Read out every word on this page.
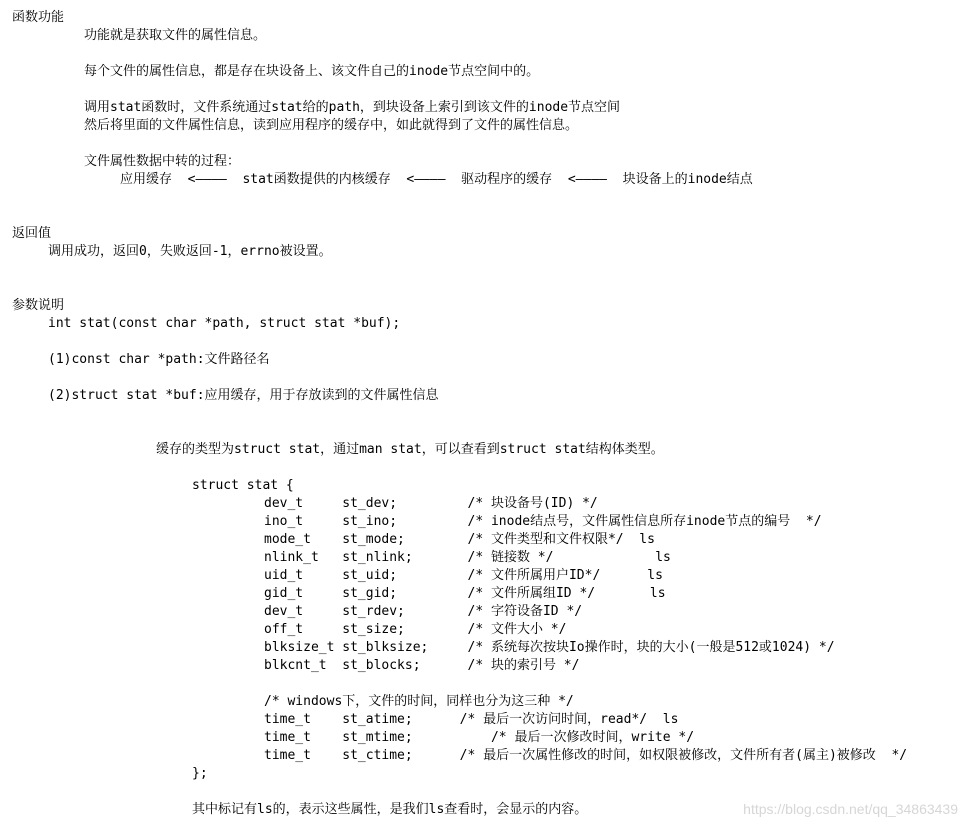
函数功能
功能就是获取文件的属性信息。
每个文件的属性信息，都是存在块设备上、该文件自己的inode节点空间中的。
调用stat函数时，文件系统通过stat给的path，到块设备上索引到该文件的inode节点空间
然后将里面的文件属性信息，读到应用程序的缓存中，如此就得到了文件的属性信息。
文件属性数据中转的过程：
应用缓存  <————  stat函数提供的内核缓存  <————  驱动程序的缓存  <————  块设备上的inode结点
返回值
调用成功，返回0，失败返回-1，errno被设置。
参数说明
int stat(const char *path, struct stat *buf);
(1)const char *path:文件路径名
(2)struct stat *buf:应用缓存，用于存放读到的文件属性信息
缓存的类型为struct stat，通过man stat，可以查看到struct stat结构体类型。
struct stat {
dev_t     st_dev;         /* 块设备号(ID) */
ino_t     st_ino;         /* inode结点号，文件属性信息所存inode节点的编号  */
mode_t    st_mode;        /* 文件类型和文件权限*/  ls
nlink_t   st_nlink;       /* 链接数 */             ls
uid_t     st_uid;         /* 文件所属用户ID*/      ls
gid_t     st_gid;         /* 文件所属组ID */       ls
dev_t     st_rdev;        /* 字符设备ID */
off_t     st_size;        /* 文件大小 */
blksize_t st_blksize;     /* 系统每次按块Io操作时，块的大小(一般是512或1024) */
blkcnt_t  st_blocks;      /* 块的索引号 */
/* windows下，文件的时间，同样也分为这三种 */
time_t    st_atime;      /* 最后一次访问时间，read*/  ls
time_t    st_mtime;          /* 最后一次修改时间，write */
time_t    st_ctime;      /* 最后一次属性修改的时间，如权限被修改，文件所有者(属主)被修改  */
};
其中标记有ls的，表示这些属性，是我们ls查看时，会显示的内容。	https://blog.csdn.net/qq_34863439
